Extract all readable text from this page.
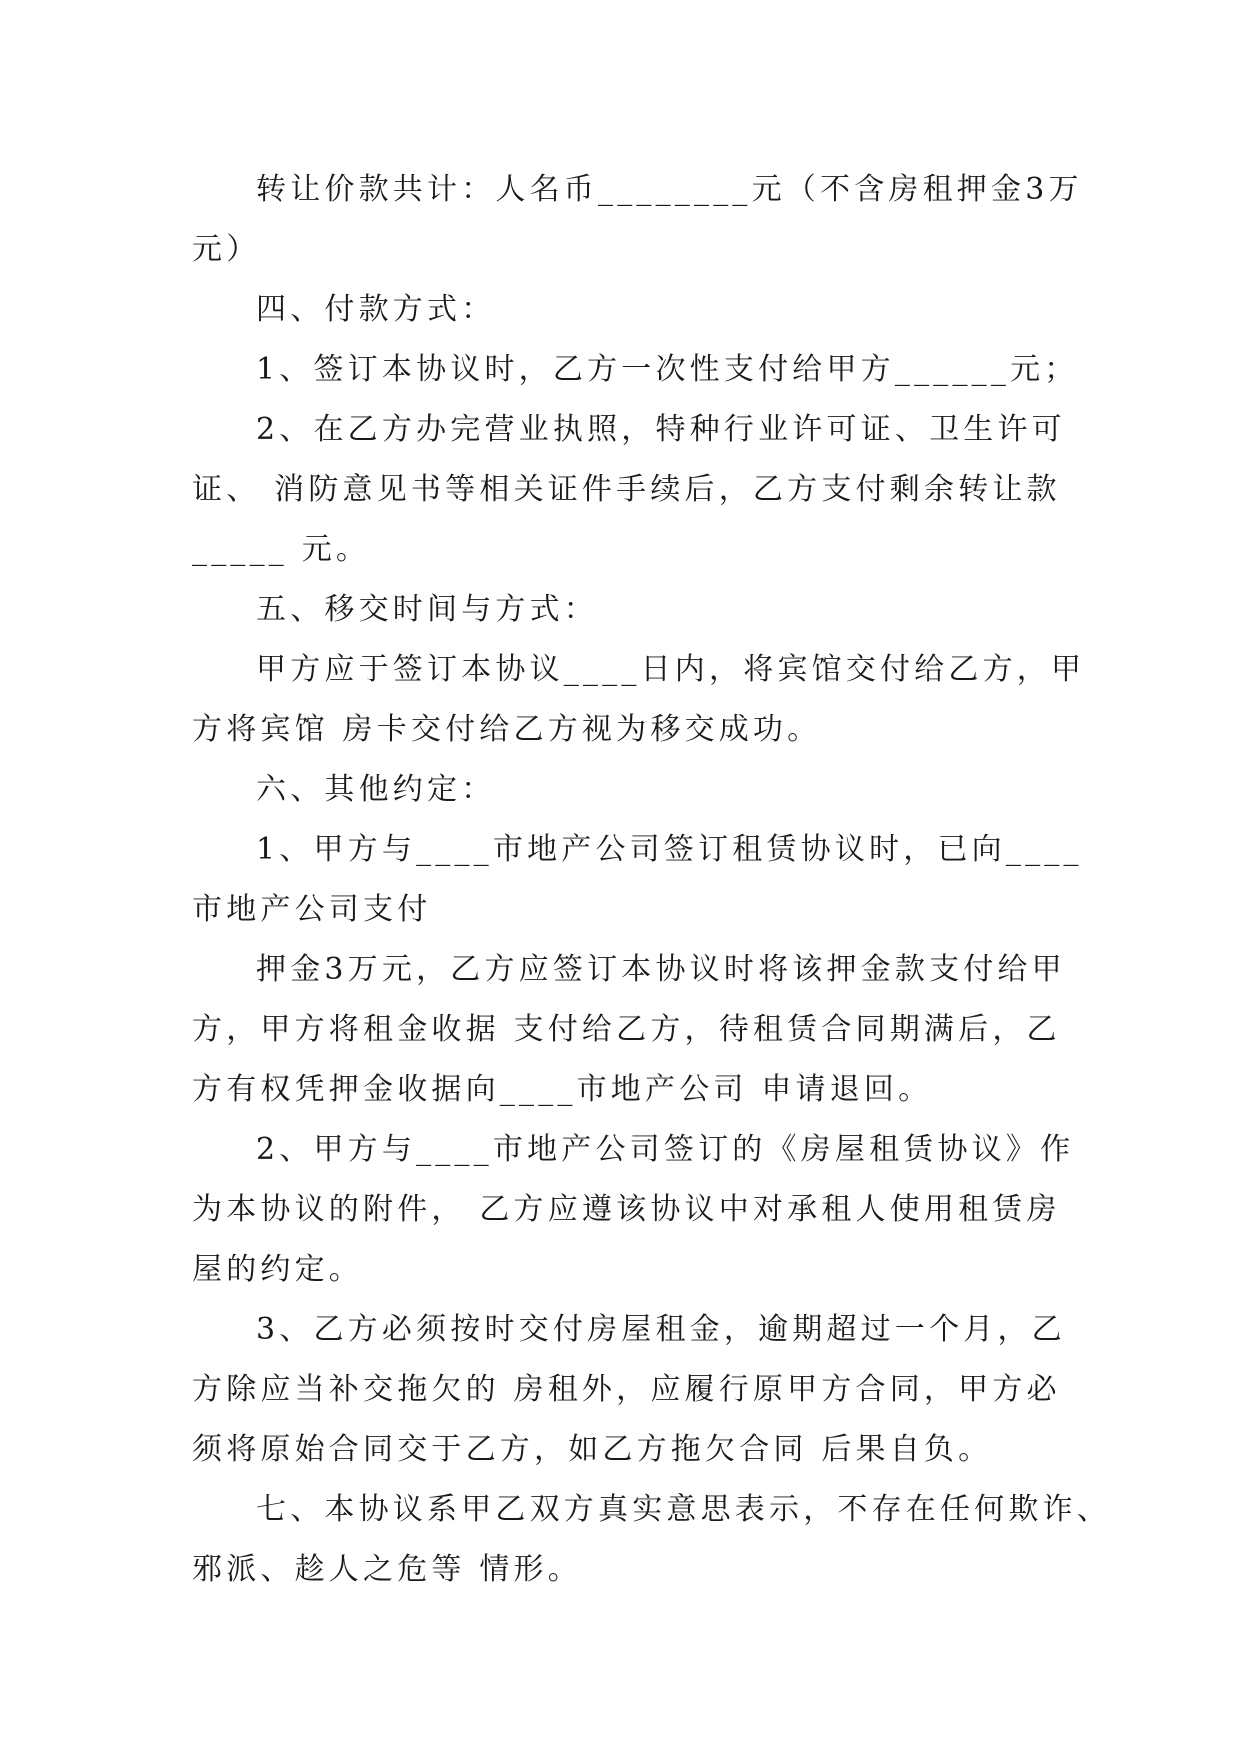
转让价款共计：人名币________元（不含房租押金3万
元）

四、付款方式：

1、签订本协议时，乙方一次性支付给甲方______元；

2、在乙方办完营业执照，特种行业许可证、卫生许可
证、 消防意见书等相关证件手续后，乙方支付剩余转让款
_____ 元。

五、移交时间与方式：

甲方应于签订本协议____日内，将宾馆交付给乙方，甲
方将宾馆 房卡交付给乙方视为移交成功。

六、其他约定：

1、甲方与____市地产公司签订租赁协议时，已向____
市地产公司支付

押金3万元，乙方应签订本协议时将该押金款支付给甲
方，甲方将租金收据 支付给乙方，待租赁合同期满后，乙
方有权凭押金收据向____市地产公司 申请退回。

2、甲方与____市地产公司签订的《房屋租赁协议》作
为本协议的附件， 乙方应遵该协议中对承租人使用租赁房
屋的约定。

3、乙方必须按时交付房屋租金，逾期超过一个月，乙
方除应当补交拖欠的 房租外，应履行原甲方合同，甲方必
须将原始合同交于乙方，如乙方拖欠合同 后果自负。

七、本协议系甲乙双方真实意思表示，不存在任何欺诈、
邪派、趁人之危等 情形。
